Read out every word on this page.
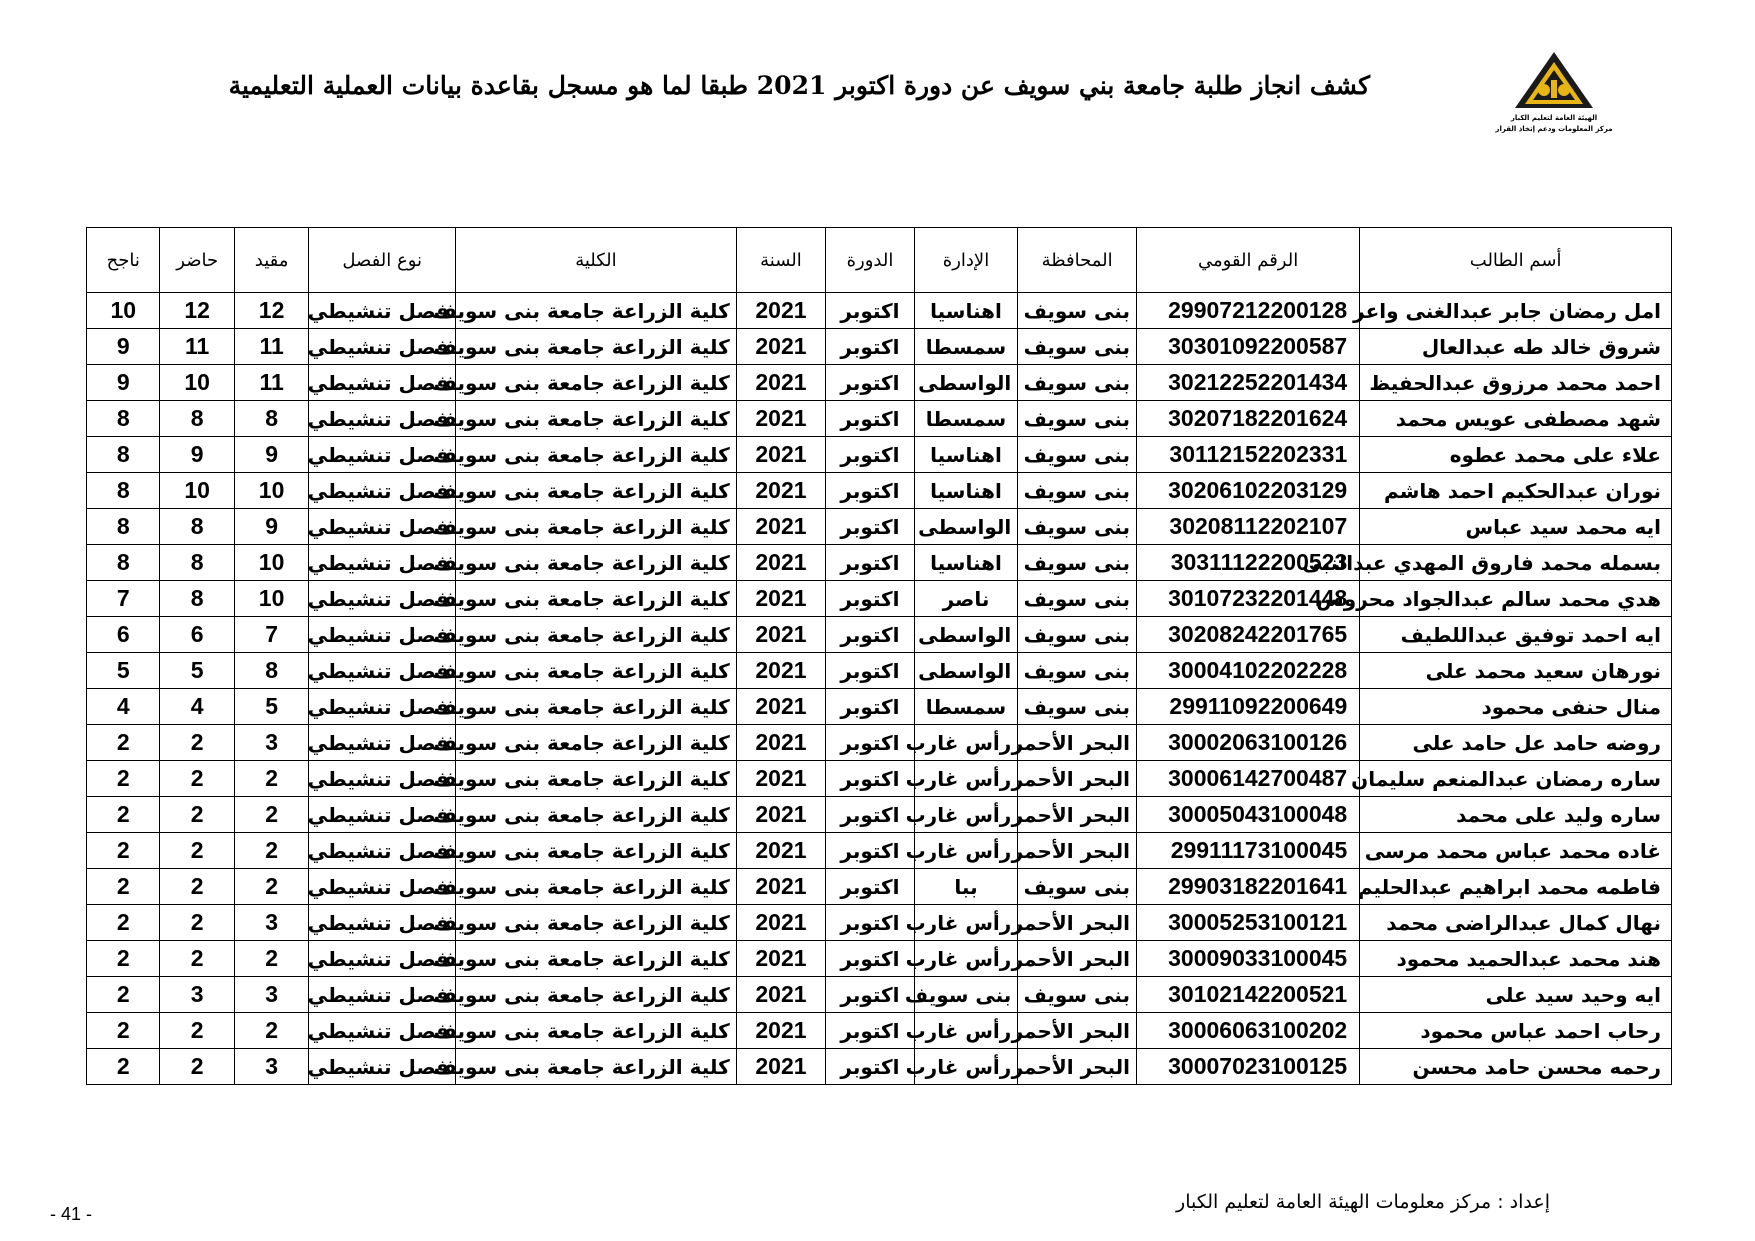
الهيئة العامة لتعليم الكبار
مركز المعلومات ودعم إتخاذ القرار
كشف انجاز طلبة جامعة بني سويف عن دورة اكتوبر 2021 طبقا لما هو مسجل بقاعدة بيانات العملية التعليمية
أسم الطالب	الرقم القومي	المحافظة	الإدارة	الدورة	السنة	الكلية	نوع الفصل	مقيد	حاضر	ناجح
امل رمضان جابر عبدالغنى واعر	29907212200128	بنى سويف	اهناسيا	اكتوبر	2021	كلية الزراعة جامعة بنى سويف	فصل تنشيطي	12	12	10
شروق خالد طه عبدالعال	30301092200587	بنى سويف	سمسطا	اكتوبر	2021	كلية الزراعة جامعة بنى سويف	فصل تنشيطي	11	11	9
احمد محمد مرزوق عبدالحفيظ	30212252201434	بنى سويف	الواسطى	اكتوبر	2021	كلية الزراعة جامعة بنى سويف	فصل تنشيطي	11	10	9
شهد مصطفى عويس محمد	30207182201624	بنى سويف	سمسطا	اكتوبر	2021	كلية الزراعة جامعة بنى سويف	فصل تنشيطي	8	8	8
علاء على محمد عطوه	30112152202331	بنى سويف	اهناسيا	اكتوبر	2021	كلية الزراعة جامعة بنى سويف	فصل تنشيطي	9	9	8
نوران عبدالحكيم احمد هاشم	30206102203129	بنى سويف	اهناسيا	اكتوبر	2021	كلية الزراعة جامعة بنى سويف	فصل تنشيطي	10	10	8
ايه محمد سيد عباس	30208112202107	بنى سويف	الواسطى	اكتوبر	2021	كلية الزراعة جامعة بنى سويف	فصل تنشيطي	9	8	8
بسمله محمد فاروق المهدي عبدالنبى	30311122200523	بنى سويف	اهناسيا	اكتوبر	2021	كلية الزراعة جامعة بنى سويف	فصل تنشيطي	10	8	8
هدي محمد سالم عبدالجواد محروس	30107232201448	بنى سويف	ناصر	اكتوبر	2021	كلية الزراعة جامعة بنى سويف	فصل تنشيطي	10	8	7
ايه احمد توفيق عبداللطيف	30208242201765	بنى سويف	الواسطى	اكتوبر	2021	كلية الزراعة جامعة بنى سويف	فصل تنشيطي	7	6	6
نورهان سعيد محمد على	30004102202228	بنى سويف	الواسطى	اكتوبر	2021	كلية الزراعة جامعة بنى سويف	فصل تنشيطي	8	5	5
منال حنفى محمود	29911092200649	بنى سويف	سمسطا	اكتوبر	2021	كلية الزراعة جامعة بنى سويف	فصل تنشيطي	5	4	4
روضه حامد عل حامد على	30002063100126	البحر الأحمر	رأس غارب	اكتوبر	2021	كلية الزراعة جامعة بنى سويف	فصل تنشيطي	3	2	2
ساره رمضان عبدالمنعم سليمان	30006142700487	البحر الأحمر	رأس غارب	اكتوبر	2021	كلية الزراعة جامعة بنى سويف	فصل تنشيطي	2	2	2
ساره وليد على محمد	30005043100048	البحر الأحمر	رأس غارب	اكتوبر	2021	كلية الزراعة جامعة بنى سويف	فصل تنشيطي	2	2	2
غاده محمد عباس محمد مرسى	29911173100045	البحر الأحمر	رأس غارب	اكتوبر	2021	كلية الزراعة جامعة بنى سويف	فصل تنشيطي	2	2	2
فاطمه محمد ابراهيم عبدالحليم	29903182201641	بنى سويف	ببا	اكتوبر	2021	كلية الزراعة جامعة بنى سويف	فصل تنشيطي	2	2	2
نهال كمال عبدالراضى محمد	30005253100121	البحر الأحمر	رأس غارب	اكتوبر	2021	كلية الزراعة جامعة بنى سويف	فصل تنشيطي	3	2	2
هند محمد عبدالحميد محمود	30009033100045	البحر الأحمر	رأس غارب	اكتوبر	2021	كلية الزراعة جامعة بنى سويف	فصل تنشيطي	2	2	2
ايه وحيد سيد على	30102142200521	بنى سويف	بنى سويف	اكتوبر	2021	كلية الزراعة جامعة بنى سويف	فصل تنشيطي	3	3	2
رحاب احمد عباس محمود	30006063100202	البحر الأحمر	رأس غارب	اكتوبر	2021	كلية الزراعة جامعة بنى سويف	فصل تنشيطي	2	2	2
رحمه محسن حامد محسن	30007023100125	البحر الأحمر	رأس غارب	اكتوبر	2021	كلية الزراعة جامعة بنى سويف	فصل تنشيطي	3	2	2
- 41 -
إعداد : مركز معلومات الهيئة العامة لتعليم الكبار
